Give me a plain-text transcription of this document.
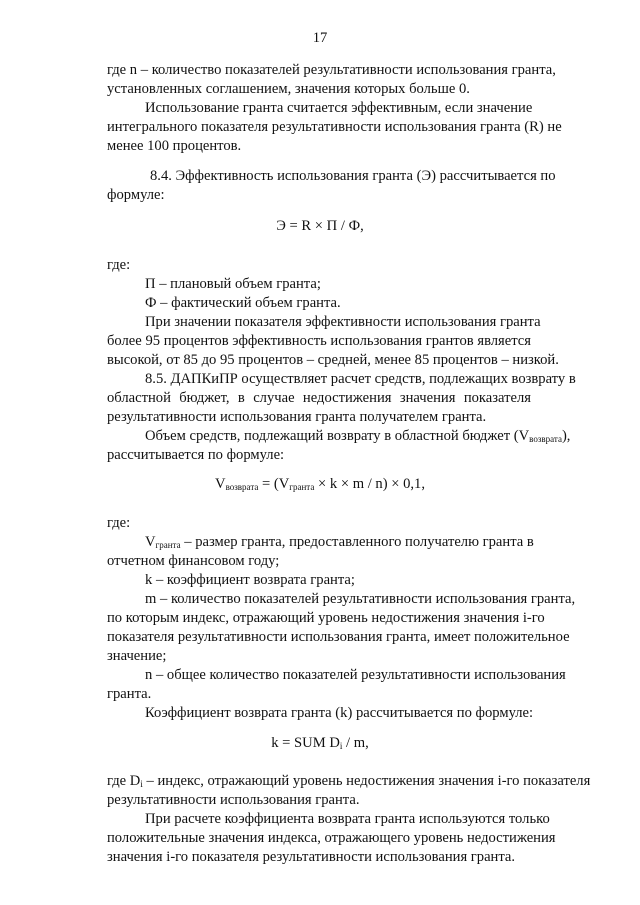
17
где n – количество показателей результативности использования гранта,
установленных соглашением, значения которых больше 0.
Использование гранта считается эффективным, если значение
интегрального показателя результативности использования гранта (R) не
менее 100 процентов.
8.4. Эффективность использования гранта (Э) рассчитывается по
формуле:
Э = R × П / Ф,
где:
П – плановый объем гранта;
Ф – фактический объем гранта.
При значении показателя эффективности использования гранта
более 95 процентов эффективность использования грантов является
высокой, от 85 до 95 процентов – средней, менее 85 процентов – низкой.
8.5. ДАПКиПР осуществляет расчет средств, подлежащих возврату в
областной бюджет, в случае недостижения значения показателя
результативности использования гранта получателем гранта.
Объем средств, подлежащий возврату в областной бюджет $(V_{возврата})$,
рассчитывается по формуле:
$V_{возврата} = (V_{гранта} \times k \times m / n) \times 0,1$,
где:
$V_{гранта}$ – размер гранта, предоставленного получателю гранта в
отчетном финансовом году;
k – коэффициент возврата гранта;
m – количество показателей результативности использования гранта,
по которым индекс, отражающий уровень недостижения значения i-го
показателя результативности использования гранта, имеет положительное
значение;
n – общее количество показателей результативности использования
гранта.
Коэффициент возврата гранта (k) рассчитывается по формуле:
k = SUM $D_i$ / m,
где $D_i$ – индекс, отражающий уровень недостижения значения i-го показателя
результативности использования гранта.
При расчете коэффициента возврата гранта используются только
положительные значения индекса, отражающего уровень недостижения
значения i-го показателя результативности использования гранта.
